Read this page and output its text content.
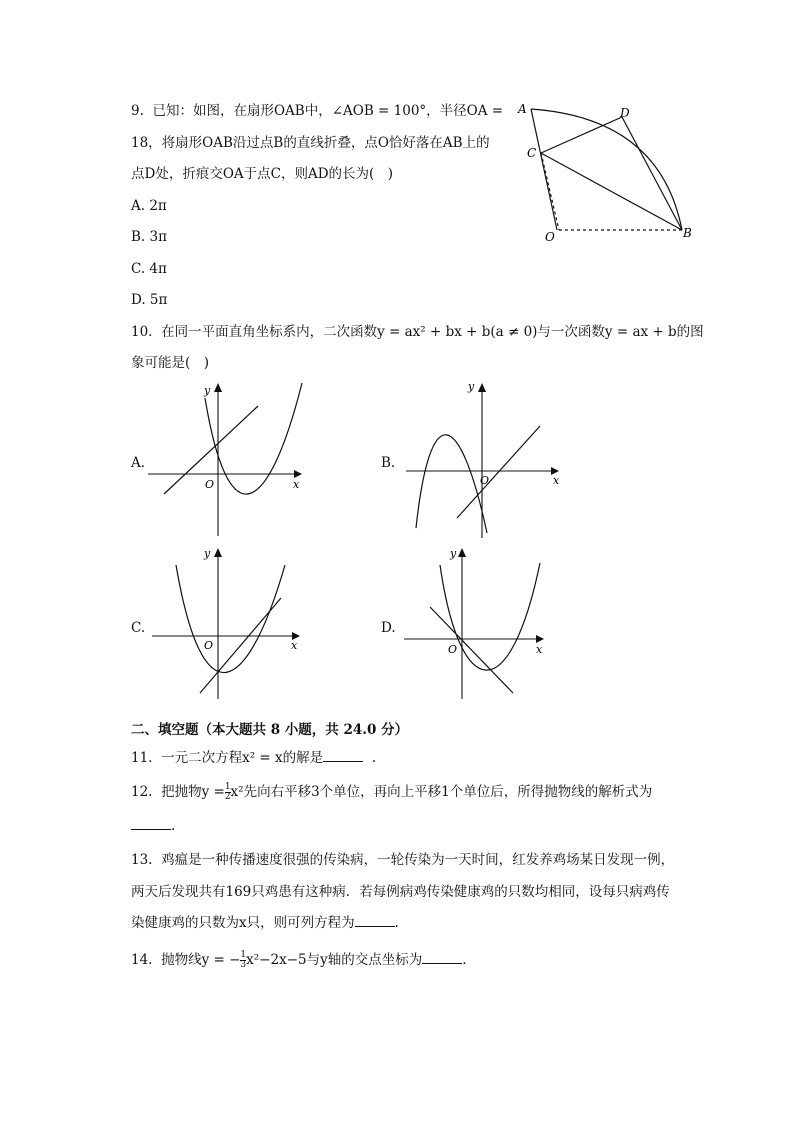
9. 已知：如图，在扇形OAB中，∠AOB = 100°，半径OA =
18，将扇形OAB沿过点B的直线折叠，点O恰好落在AB上的
点D处，折痕交OA于点C，则AD的长为(　)
A. 2π
B. 3π
C. 4π
D. 5π
A	D
C
O	B
10. 在同一平面直角坐标系内，二次函数y = ax² + bx + b(a ≠ 0)与一次函数y = ax + b的图
象可能是(　)
A.
y
x
O
B.
y
x
O
C.
y
x
O
D.
y
x
O
二、填空题（本大题共 8 小题，共 24.0 分）
11. 一元二次方程x² = x的解是	.
12. 把抛物$y = \frac{1}{2} x^2$先向右平移3个单位，再向上平移1个单位后，所得抛物线的解析式为
.
13. 鸡瘟是一种传播速度很强的传染病，一轮传染为一天时间，红发养鸡场某日发现一例，
两天后发现共有169只鸡患有这种病．若每例病鸡传染健康鸡的只数均相同，设每只病鸡传
染健康鸡的只数为x只，则可列方程为	.
14. 抛物线y = − $\frac{1}{3} x^2-2x-5$与y轴的交点坐标为	.
